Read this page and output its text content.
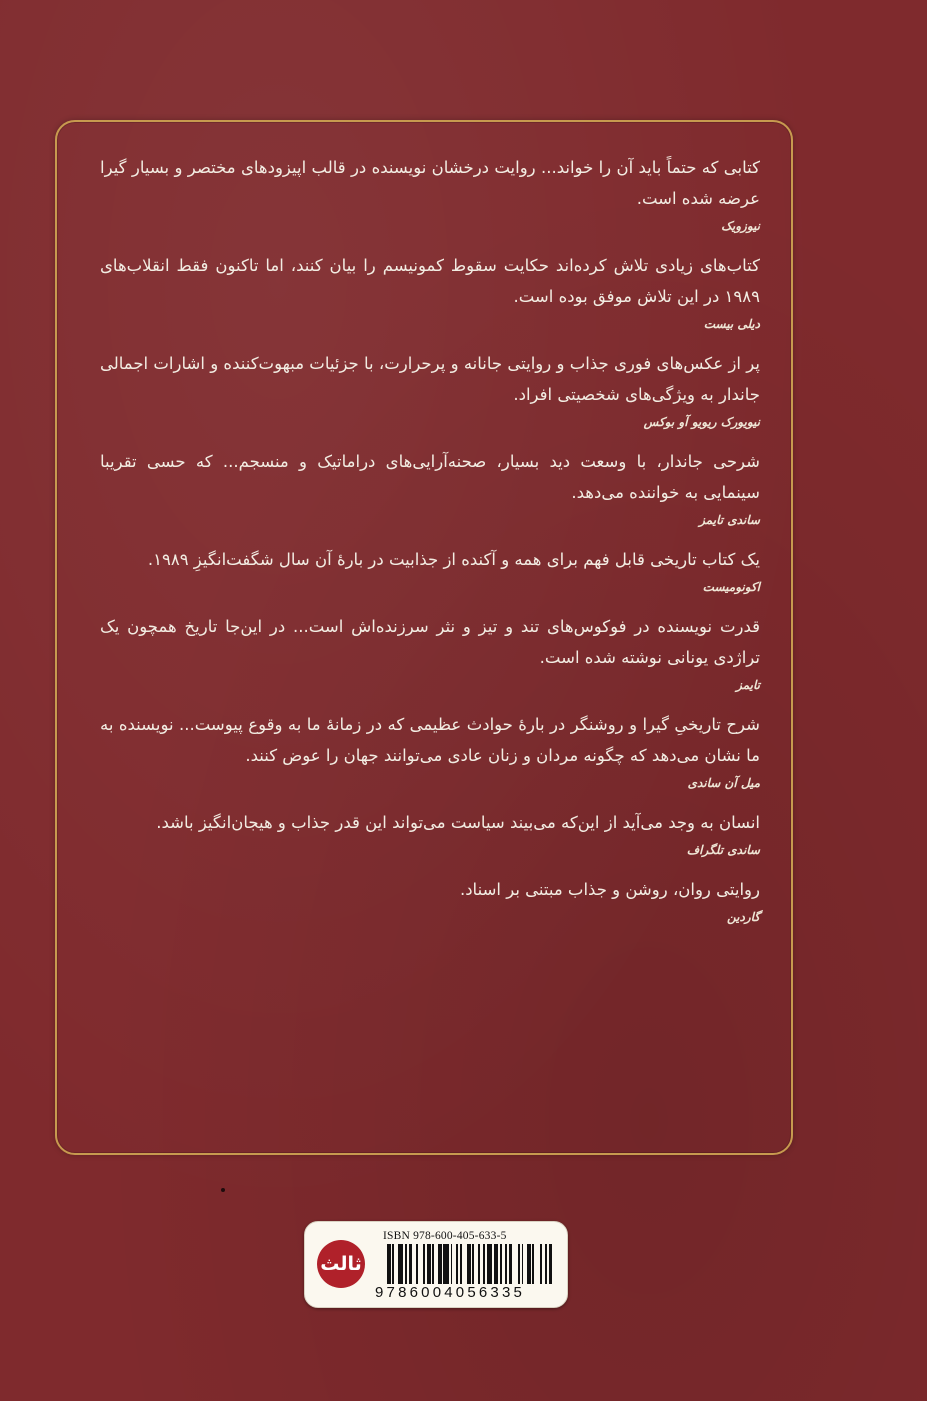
کتابی که حتماً باید آن را خواند... روایت درخشان نویسنده در قالب اپیزودهای مختصر و بسیار گیرا عرضه شده است.

نیوزویک

کتاب‌های زیادی تلاش کرده‌اند حکایت سقوط کمونیسم را بیان کنند، اما تاکنون فقط انقلاب‌های ۱۹۸۹ در این تلاش موفق بوده است.

دیلی بیست

پر از عکس‌های فوری جذاب و روایتی جانانه و پرحرارت، با جزئیات مبهوت‌کننده و اشارات اجمالی جاندار به ویژگی‌های شخصیتی افراد.

نیویورک ریویو آو بوکس

شرحی جاندار، با وسعت دید بسیار، صحنه‌آرایی‌های دراماتیک و منسجم... که حسی تقریبا سینمایی به خواننده می‌دهد.

ساندی تایمز

یک کتاب تاریخی قابل فهم برای همه و آکنده از جذابیت در بارهٔ آن سال شگفت‌انگیزِ ۱۹۸۹.

اکونومیست

قدرت نویسنده در فوکوس‌های تند و تیز و نثر سرزنده‌اش است... در این‌جا تاریخ همچون یک تراژدی یونانی نوشته شده است.

تایمز

شرح تاریخیِ گیرا و روشنگر در بارهٔ حوادث عظیمی که در زمانهٔ ما به وقوع پیوست... نویسنده به ما نشان می‌دهد که چگونه مردان و زنان عادی می‌توانند جهان را عوض کنند.

میل آن ساندی

انسان به وجد می‌آید از این‌که می‌بیند سیاست می‌تواند این قدر جذاب و هیجان‌انگیز باشد.

ساندی تلگراف

روایتی روان، روشن و جذاب مبتنی بر اسناد.

گاردین
ثالث
ISBN 978-600-405-633-5
9786004056335
